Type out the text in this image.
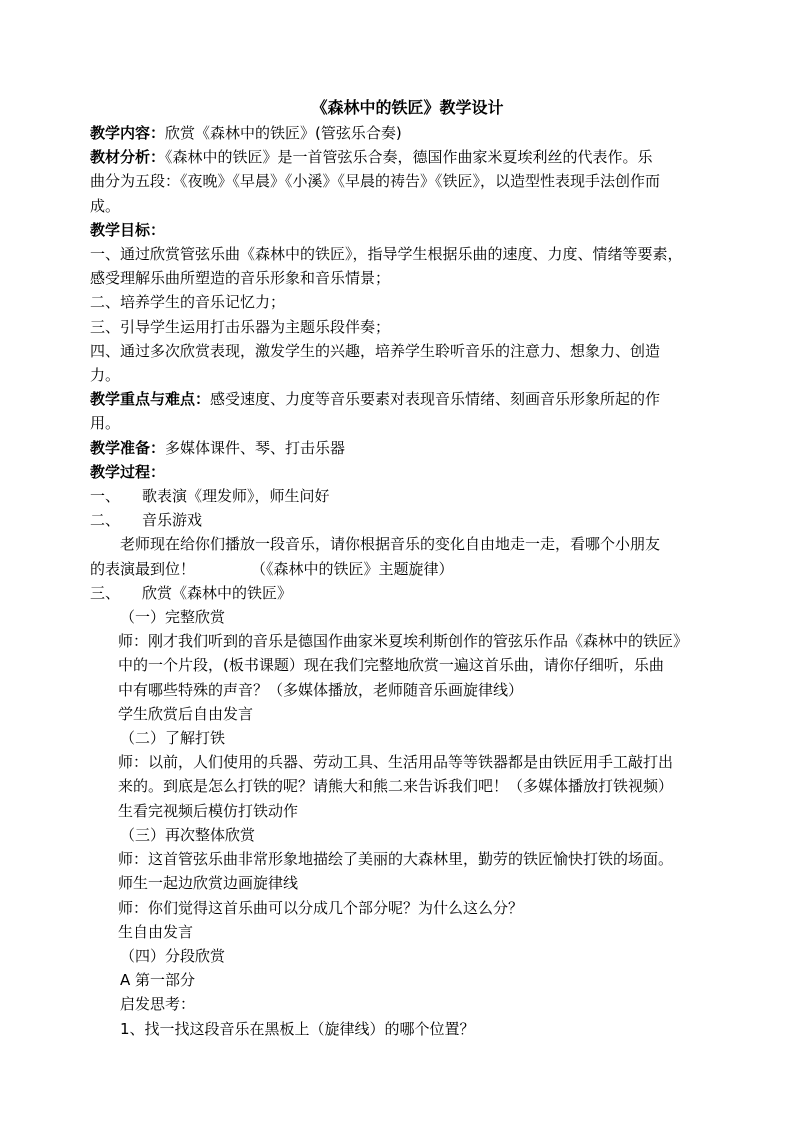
《森林中的铁匠》教学设计
教学内容：欣赏《森林中的铁匠》(管弦乐合奏)
教材分析：《森林中的铁匠》是一首管弦乐合奏，德国作曲家米夏埃利丝的代表作。乐
曲分为五段：《夜晚》《早晨》《小溪》《早晨的祷告》《铁匠》，以造型性表现手法创作而
成。
教学目标：
一、通过欣赏管弦乐曲《森林中的铁匠》，指导学生根据乐曲的速度、力度、情绪等要素，
感受理解乐曲所塑造的音乐形象和音乐情景；
二、培养学生的音乐记忆力；
三、引导学生运用打击乐器为主题乐段伴奏；
四、通过多次欣赏表现，激发学生的兴趣，培养学生聆听音乐的注意力、想象力、创造
力。
教学重点与难点：感受速度、力度等音乐要素对表现音乐情绪、刻画音乐形象所起的作
用。
教学准备：多媒体课件、琴、打击乐器
教学过程：
一、 歌表演《理发师》，师生问好
二、 音乐游戏
老师现在给你们播放一段音乐，请你根据音乐的变化自由地走一走，看哪个小朋友
的表演最到位！	（《森林中的铁匠》主题旋律）
三、 欣赏《森林中的铁匠》
（一）完整欣赏
师：刚才我们听到的音乐是德国作曲家米夏埃利斯创作的管弦乐作品《森林中的铁匠》
中的一个片段，(板书课题）现在我们完整地欣赏一遍这首乐曲，请你仔细听，乐曲
中有哪些特殊的声音？（多媒体播放，老师随音乐画旋律线）
学生欣赏后自由发言
（二）了解打铁
师：以前，人们使用的兵器、劳动工具、生活用品等等铁器都是由铁匠用手工敲打出
来的。到底是怎么打铁的呢？请熊大和熊二来告诉我们吧！（多媒体播放打铁视频）
生看完视频后模仿打铁动作
（三）再次整体欣赏
师：这首管弦乐曲非常形象地描绘了美丽的大森林里，勤劳的铁匠愉快打铁的场面。
师生一起边欣赏边画旋律线
师：你们觉得这首乐曲可以分成几个部分呢？为什么这么分？
生自由发言
（四）分段欣赏
A 第一部分
启发思考：
1、找一找这段音乐在黑板上（旋律线）的哪个位置？
